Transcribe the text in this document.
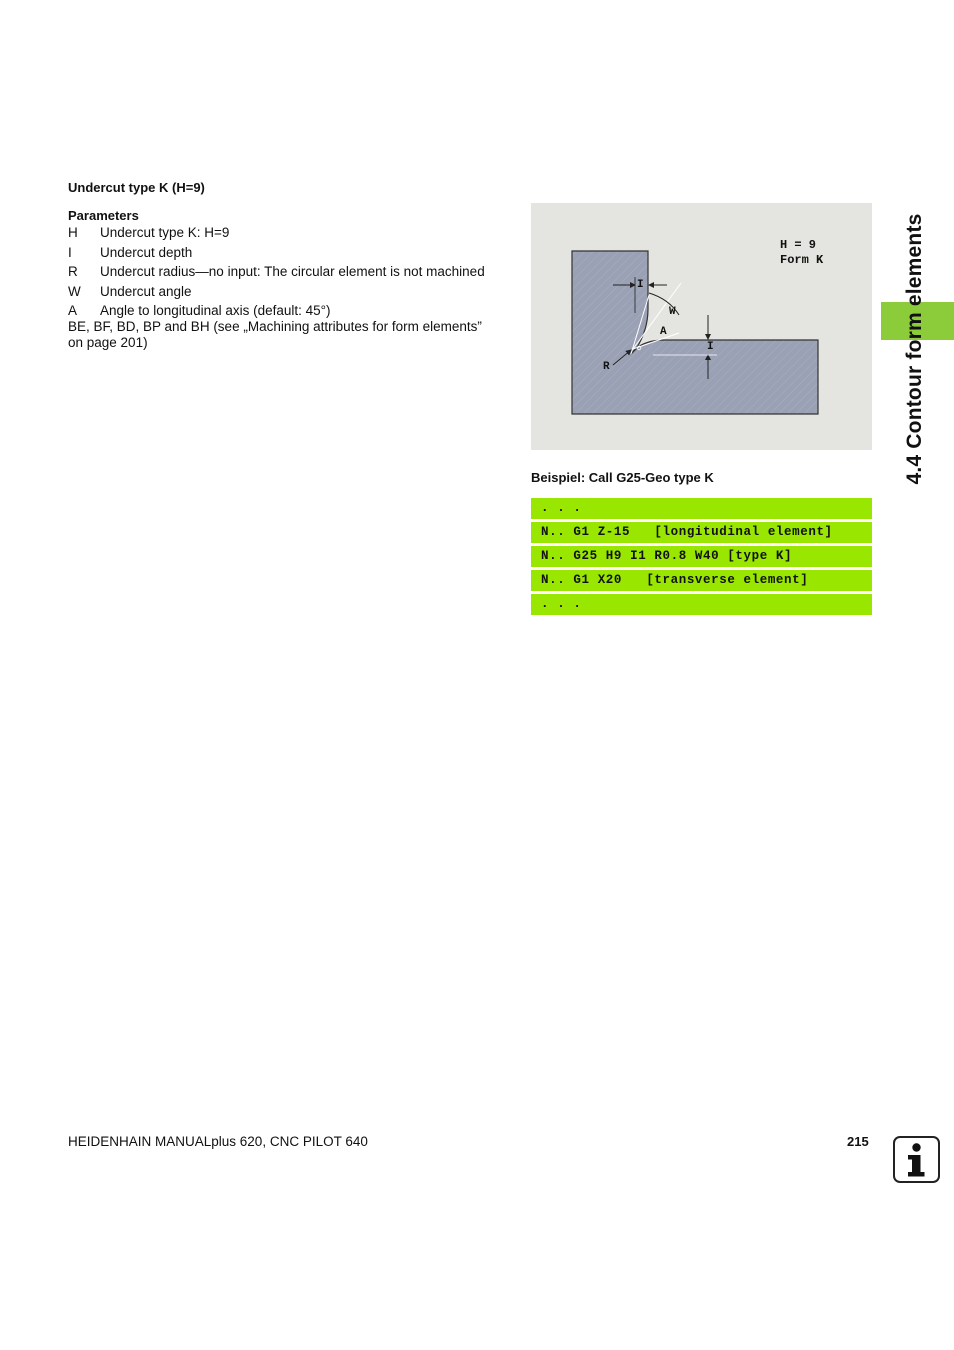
Undercut type K (H=9)
Parameters
H	Undercut type K: H=9
I	Undercut depth
R	Undercut radius—no input: The circular element is not machined
W	Undercut angle
A	Angle to longitudinal axis (default: 45°)
BE, BF, BD, BP and BH (see „Machining attributes for form elements” on page 201)
H = 9
Form K
I
W
A
I
R
Beispiel: Call G25-Geo type K
. . .
N.. G1 Z-15   [longitudinal element]
N.. G25 H9 I1 R0.8 W40 [type K]
N.. G1 X20   [transverse element]
. . .
4.4 Contour form elements
HEIDENHAIN MANUALplus 620, CNC PILOT 640	215
